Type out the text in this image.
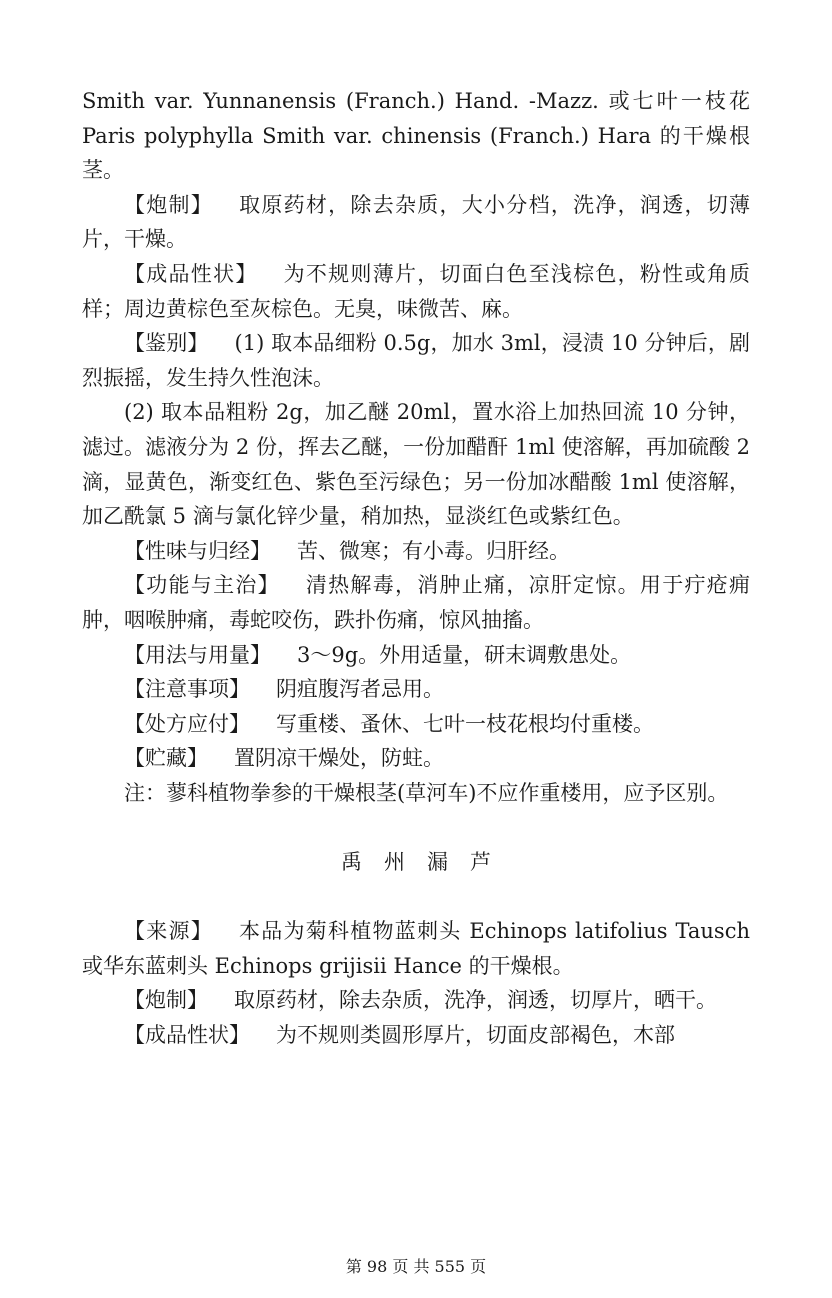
Smith var. Yunnanensis (Franch.) Hand. -Mazz. 或七叶一枝花 Paris polyphylla Smith var. chinensis (Franch.) Hara 的干燥根茎。

【炮制】 取原药材，除去杂质，大小分档，洗净，润透，切薄片，干燥。

【成品性状】 为不规则薄片，切面白色至浅棕色，粉性或角质样；周边黄棕色至灰棕色。无臭，味微苦、麻。

【鉴别】 (1) 取本品细粉 0.5g，加水 3ml，浸渍 10 分钟后，剧烈振摇，发生持久性泡沫。

(2) 取本品粗粉 2g，加乙醚 20ml，置水浴上加热回流 10 分钟，滤过。滤液分为 2 份，挥去乙醚，一份加醋酐 1ml 使溶解，再加硫酸 2 滴，显黄色，渐变红色、紫色至污绿色；另一份加冰醋酸 1ml 使溶解，加乙酰氯 5 滴与氯化锌少量，稍加热，显淡红色或紫红色。

【性味与归经】 苦、微寒；有小毒。归肝经。

【功能与主治】 清热解毒，消肿止痛，凉肝定惊。用于疔疮痈肿，咽喉肿痛，毒蛇咬伤，跌扑伤痛，惊风抽搐。

【用法与用量】 3～9g。外用适量，研末调敷患处。

【注意事项】 阴疽腹泻者忌用。

【处方应付】 写重楼、蚤休、七叶一枝花根均付重楼。

【贮藏】 置阴凉干燥处，防蛀。

注：蓼科植物拳参的干燥根茎(草河车)不应作重楼用，应予区别。

禹州漏芦

【来源】 本品为菊科植物蓝刺头 Echinops latifolius Tausch 或华东蓝刺头 Echinops grijisii Hance 的干燥根。

【炮制】 取原药材，除去杂质，洗净，润透，切厚片，晒干。

【成品性状】 为不规则类圆形厚片，切面皮部褐色，木部

第 98 页 共 555 页
